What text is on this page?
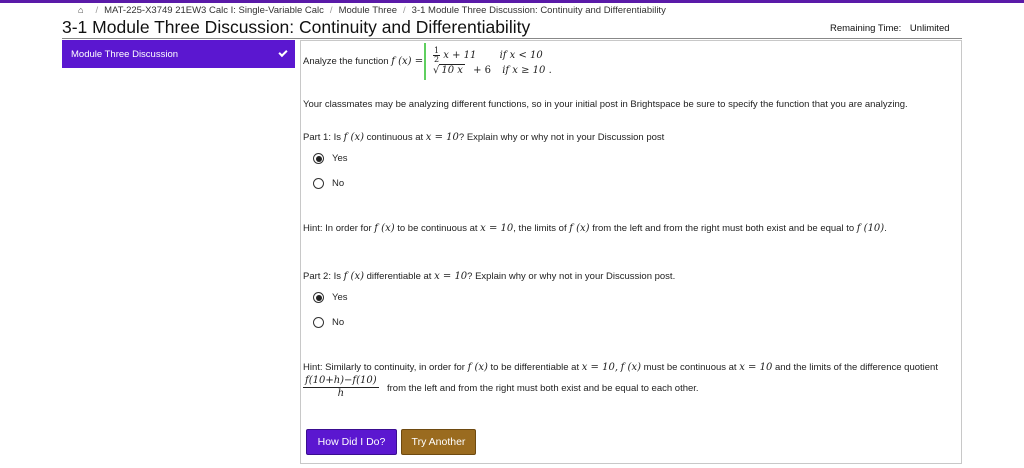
⌂ / MAT-225-X3749 21EW3 Calc I: Single-Variable Calc / Module Three / 3-1 Module Three Discussion: Continuity and Differentiability
3-1 Module Three Discussion: Continuity and Differentiability	Remaining Time: Unlimited
Module Three Discussion
Analyze the function f $(x) = \frac{1}{2}$ x + 11 if x < 10
√ 10 x + 6 if x ≥ 10 .
Your classmates may be analyzing different functions, so in your initial post in Brightspace be sure to specify the function that you are analyzing.
Part 1: Is f (x) continuous at x = 10? Explain why or why not in your Discussion post
Yes
No
Hint: In order for f (x) to be continuous at x = 10, the limits of f (x) from the left and from the right must both exist and be equal to f (10).
Part 2: Is f (x) differentiable at x = 10? Explain why or why not in your Discussion post.
Yes
No
Hint: Similarly to continuity, in order for f (x) to be differentiable at x = 10, f (x) must be continuous at x = 10 and the limits of the difference quotient
f(10+h)−f(10)
h	from the left and from the right must both exist and be equal to each other.
How Did I Do?	Try Another
